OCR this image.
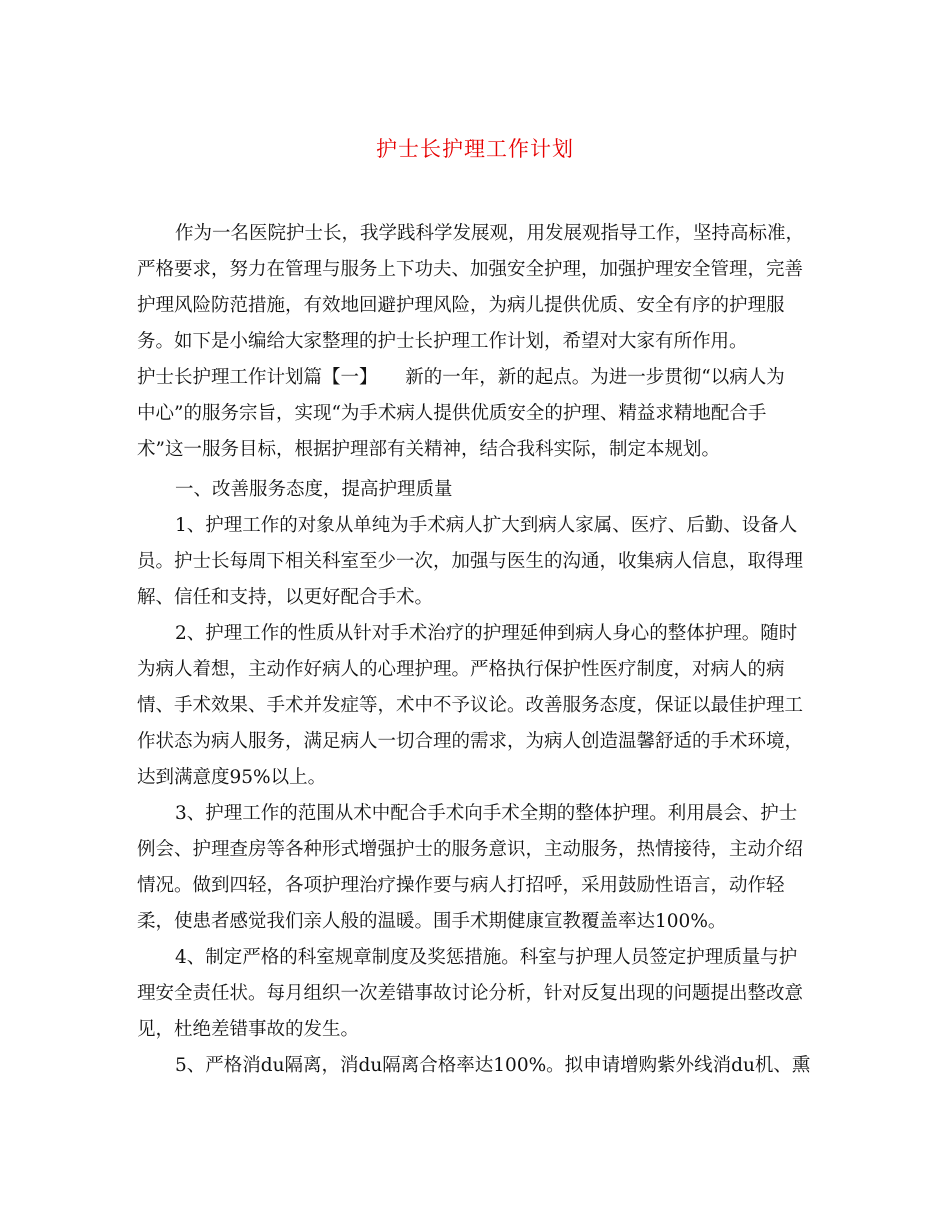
护士长护理工作计划

作为一名医院护士长，我学践科学发展观，用发展观指导工作，坚持高标准，

严格要求，努力在管理与服务上下功夫、加强安全护理，加强护理安全管理，完善

护理风险防范措施，有效地回避护理风险，为病儿提供优质、安全有序的护理服

务。如下是小编给大家整理的护士长护理工作计划，希望对大家有所作用。

护士长护理工作计划篇【一】　　新的一年，新的起点。为进一步贯彻“以病人为

中心”的服务宗旨，实现“为手术病人提供优质安全的护理、精益求精地配合手

术”这一服务目标，根据护理部有关精神，结合我科实际，制定本规划。

一、改善服务态度，提高护理质量

1、护理工作的对象从单纯为手术病人扩大到病人家属、医疗、后勤、设备人

员。护士长每周下相关科室至少一次，加强与医生的沟通，收集病人信息，取得理

解、信任和支持，以更好配合手术。

2、护理工作的性质从针对手术治疗的护理延伸到病人身心的整体护理。随时

为病人着想，主动作好病人的心理护理。严格执行保护性医疗制度，对病人的病

情、手术效果、手术并发症等，术中不予议论。改善服务态度，保证以最佳护理工

作状态为病人服务，满足病人一切合理的需求，为病人创造温馨舒适的手术环境，

达到满意度95%以上。

3、护理工作的范围从术中配合手术向手术全期的整体护理。利用晨会、护士

例会、护理查房等各种形式增强护士的服务意识，主动服务，热情接待，主动介绍

情况。做到四轻，各项护理治疗操作要与病人打招呼，采用鼓励性语言，动作轻

柔，使患者感觉我们亲人般的温暖。围手术期健康宣教覆盖率达100%。

4、制定严格的科室规章制度及奖惩措施。科室与护理人员签定护理质量与护

理安全责任状。每月组织一次差错事故讨论分析，针对反复出现的问题提出整改意

见，杜绝差错事故的发生。

5、严格消du隔离，消du隔离合格率达100%。拟申请增购紫外线消du机、熏
